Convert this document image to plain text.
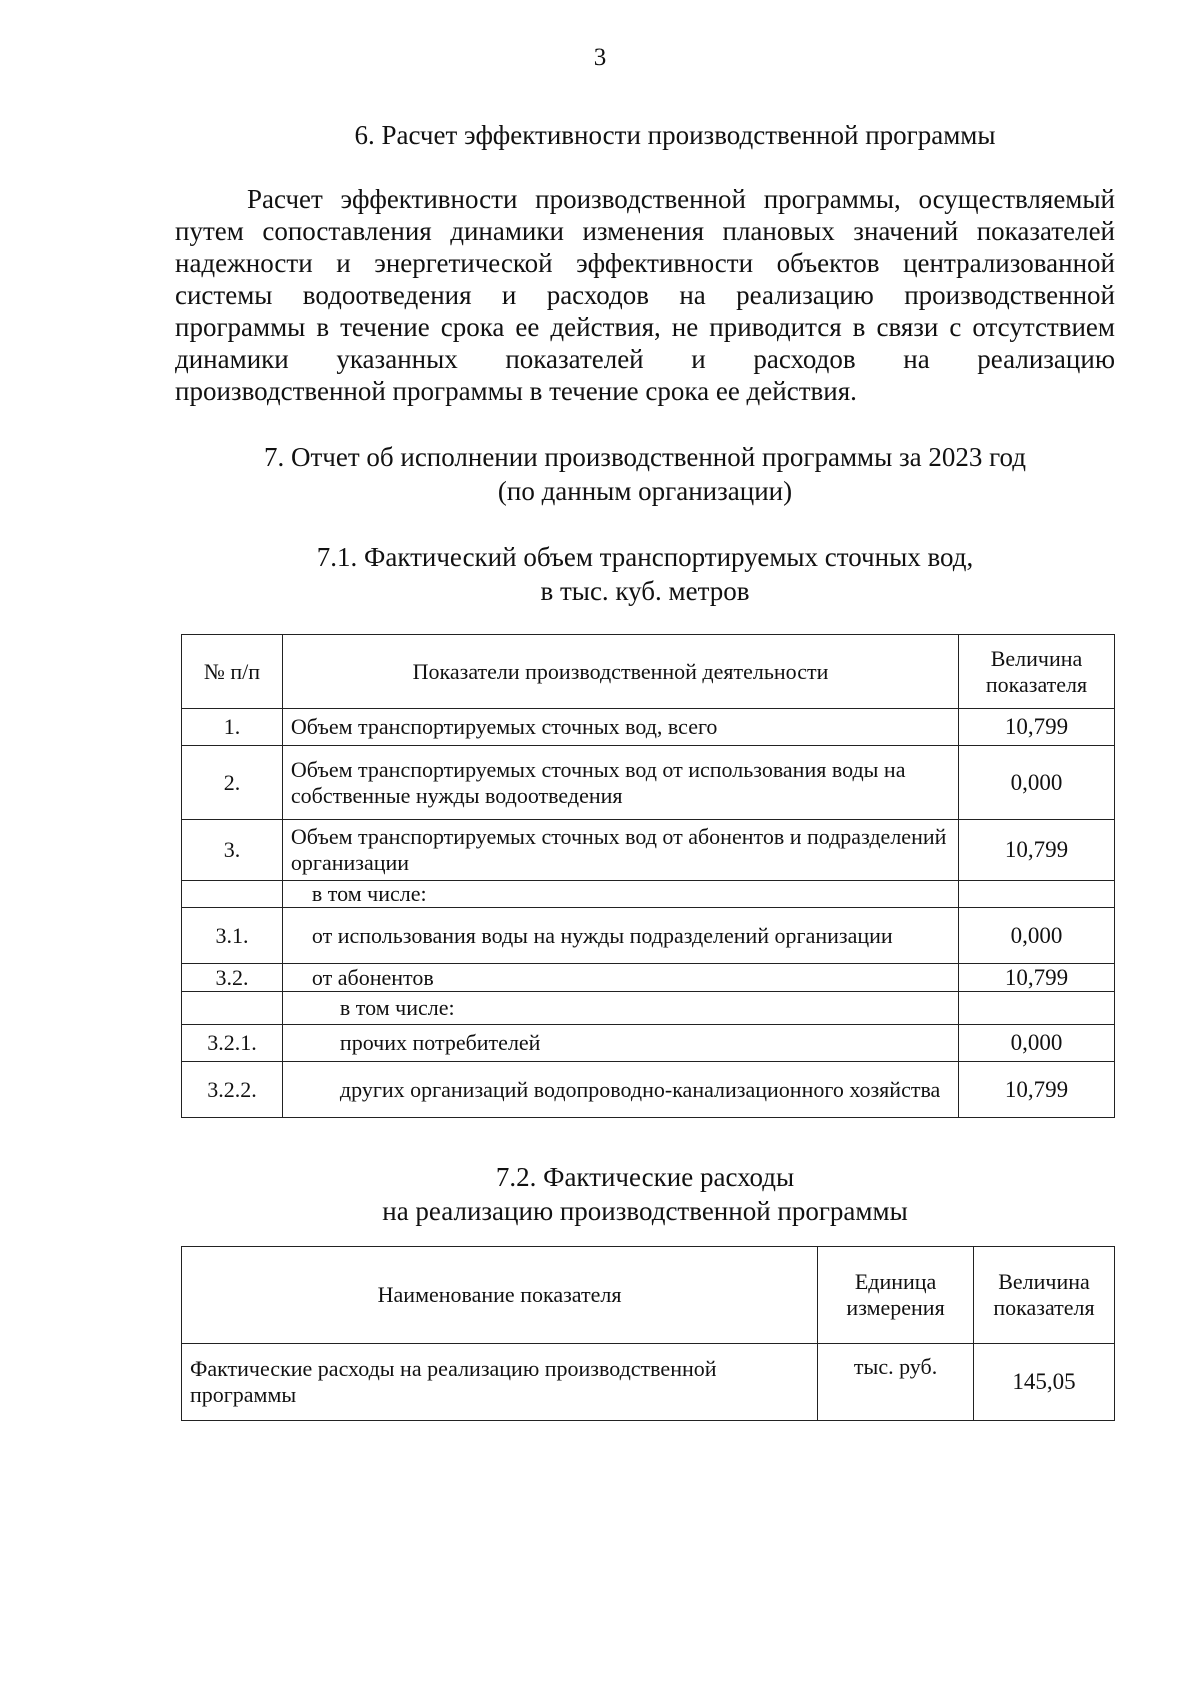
3
6. Расчет эффективности производственной программы
Расчет эффективности производственной программы, осуществляемый
путем сопоставления динамики изменения плановых значений показателей
надежности и энергетической эффективности объектов централизованной
системы водоотведения и расходов на реализацию производственной
программы в течение срока ее действия, не приводится в связи с отсутствием
динамики указанных показателей и расходов на реализацию
производственной программы в течение срока ее действия.
7. Отчет об исполнении производственной программы за 2023 год
(по данным организации)
7.1. Фактический объем транспортируемых сточных вод,
в тыс. куб. метров
№ п/п	Показатели производственной деятельности	Величина показателя
1.	Объем транспортируемых сточных вод, всего	10,799
2.	Объем транспортируемых сточных вод от использования воды на собственные нужды водоотведения	0,000
3.	Объем транспортируемых сточных вод от абонентов и подразделений организации	10,799
	в том числе:	
3.1.	от использования воды на нужды подразделений организации	0,000
3.2.	от абонентов	10,799
	в том числе:	
3.2.1.	прочих потребителей	0,000
3.2.2.	других организаций водопроводно-канализационного хозяйства	10,799
7.2. Фактические расходы
на реализацию производственной программы
Наименование показателя	Единица измерения	Величина показателя
Фактические расходы на реализацию производственной программы	тыс. руб.	145,05
